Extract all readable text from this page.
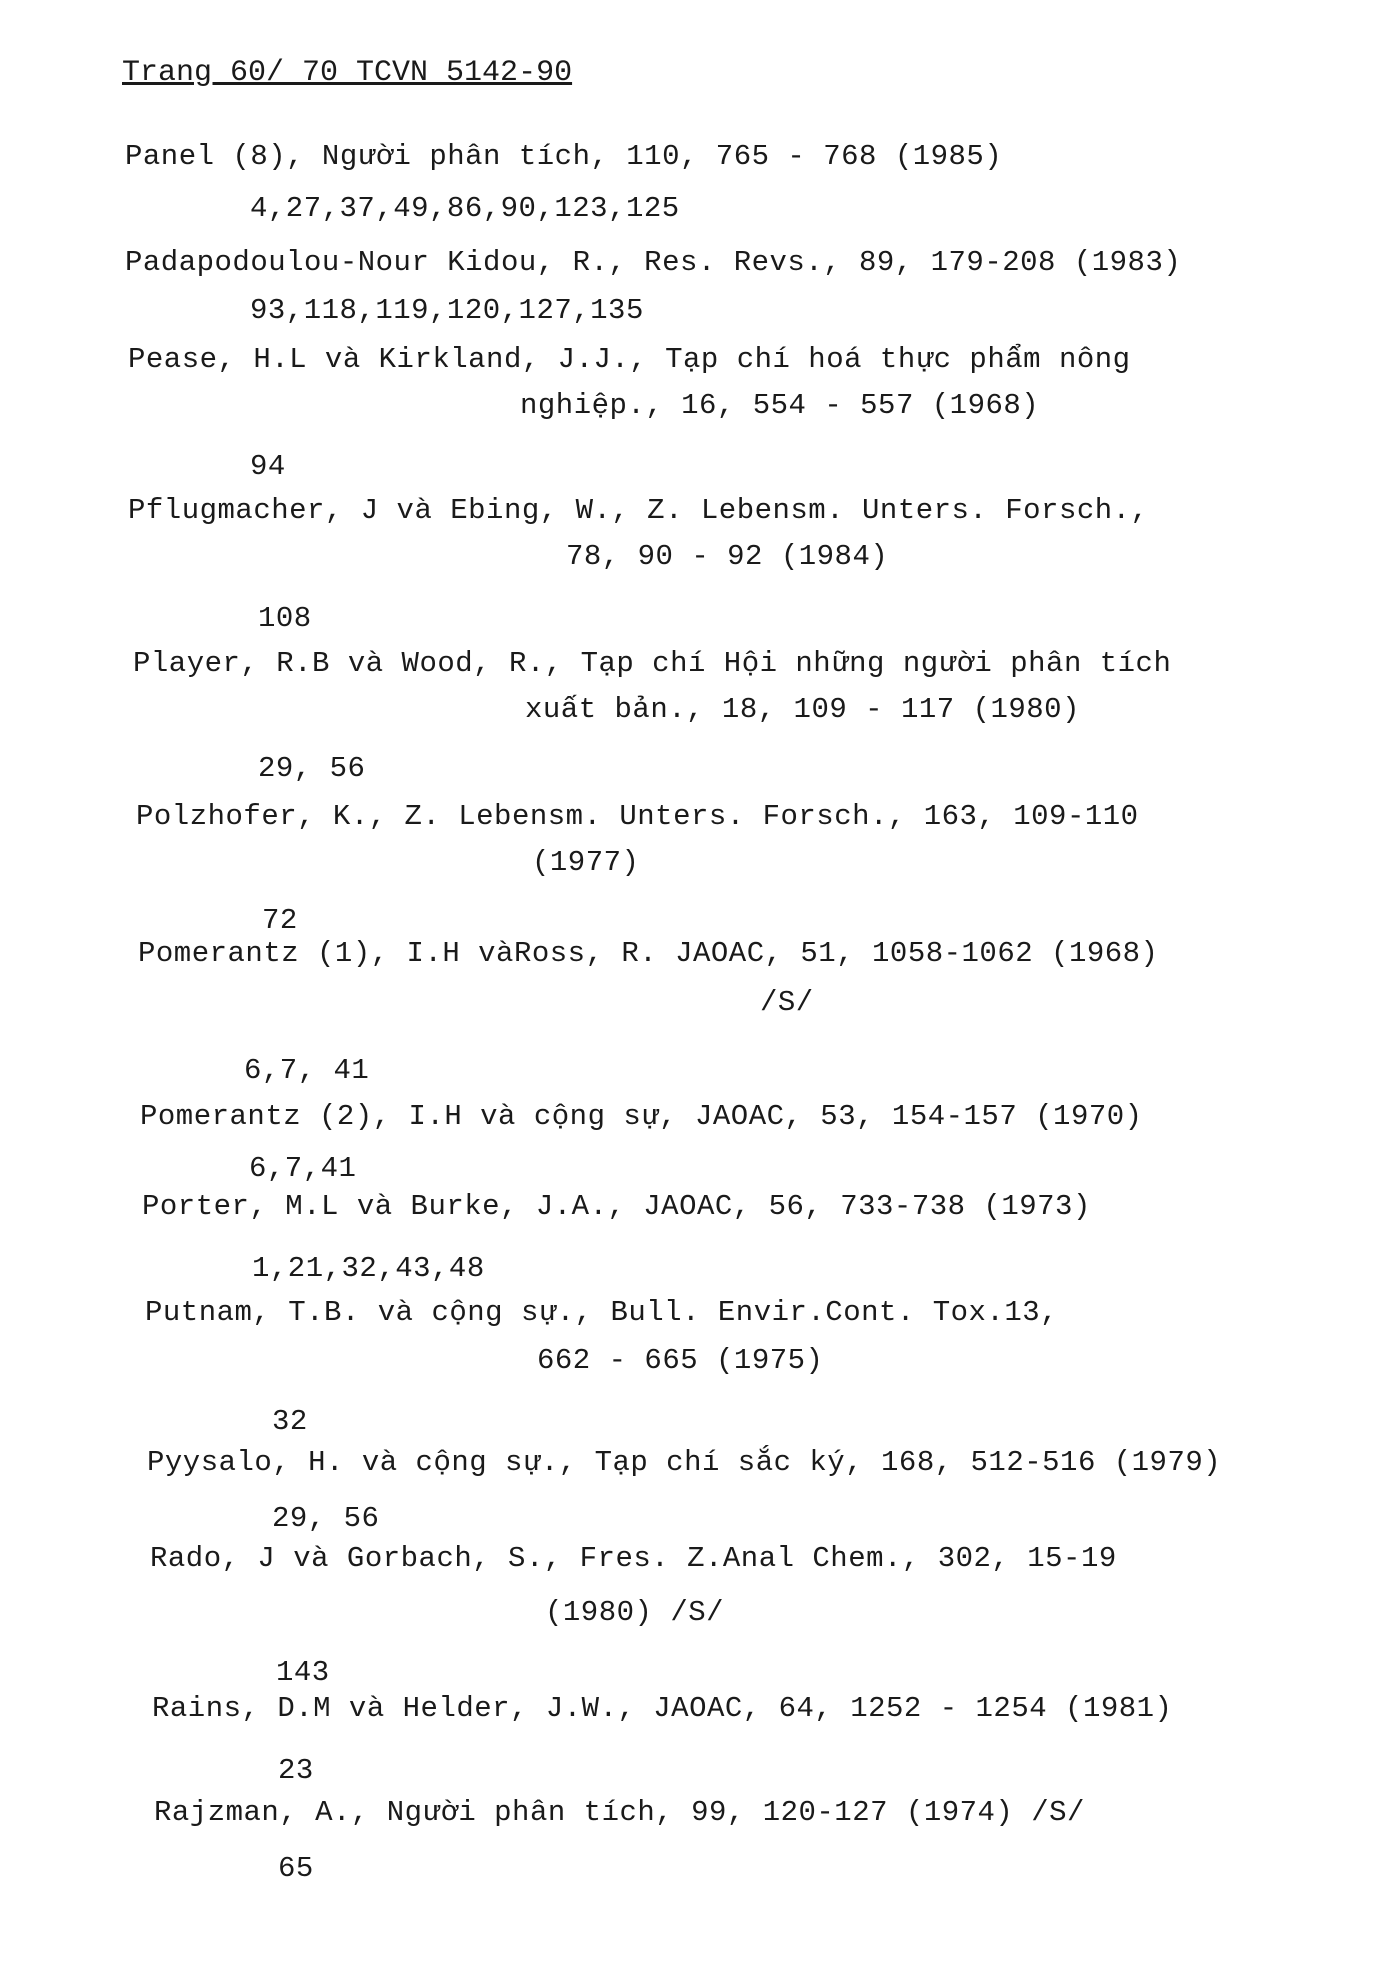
Trang 60/ 70 TCVN 5142-90
Panel (8), Người phân tích, 110, 765 - 768 (1985)
4,27,37,49,86,90,123,125
Padapodoulou-Nour Kidou, R., Res. Revs., 89, 179-208 (1983)
93,118,119,120,127,135
Pease, H.L và Kirkland, J.J., Tạp chí hoá thực phẩm nông
nghiệp., 16, 554 - 557 (1968)
94
Pflugmacher, J và Ebing, W., Z. Lebensm. Unters. Forsch.,
78, 90 - 92 (1984)
108
Player, R.B và Wood, R., Tạp chí Hội những người phân tích
xuất bản., 18, 109 - 117 (1980)
29, 56
Polzhofer, K., Z. Lebensm. Unters. Forsch., 163, 109-110
(1977)
72
Pomerantz (1), I.H vàRoss, R. JAOAC, 51, 1058-1062 (1968)
/S/
6,7, 41
Pomerantz (2), I.H và cộng sự, JAOAC, 53, 154-157 (1970)
6,7,41
Porter, M.L và Burke, J.A., JAOAC, 56, 733-738 (1973)
1,21,32,43,48
Putnam, T.B. và cộng sự., Bull. Envir.Cont. Tox.13,
662 - 665 (1975)
32
Pyysalo, H. và cộng sự., Tạp chí sắc ký, 168, 512-516 (1979)
29, 56
Rado, J và Gorbach, S., Fres. Z.Anal Chem., 302, 15-19
(1980) /S/
143
Rains, D.M và Helder, J.W., JAOAC, 64, 1252 - 1254 (1981)
23
Rajzman, A., Người phân tích, 99, 120-127 (1974) /S/
65
